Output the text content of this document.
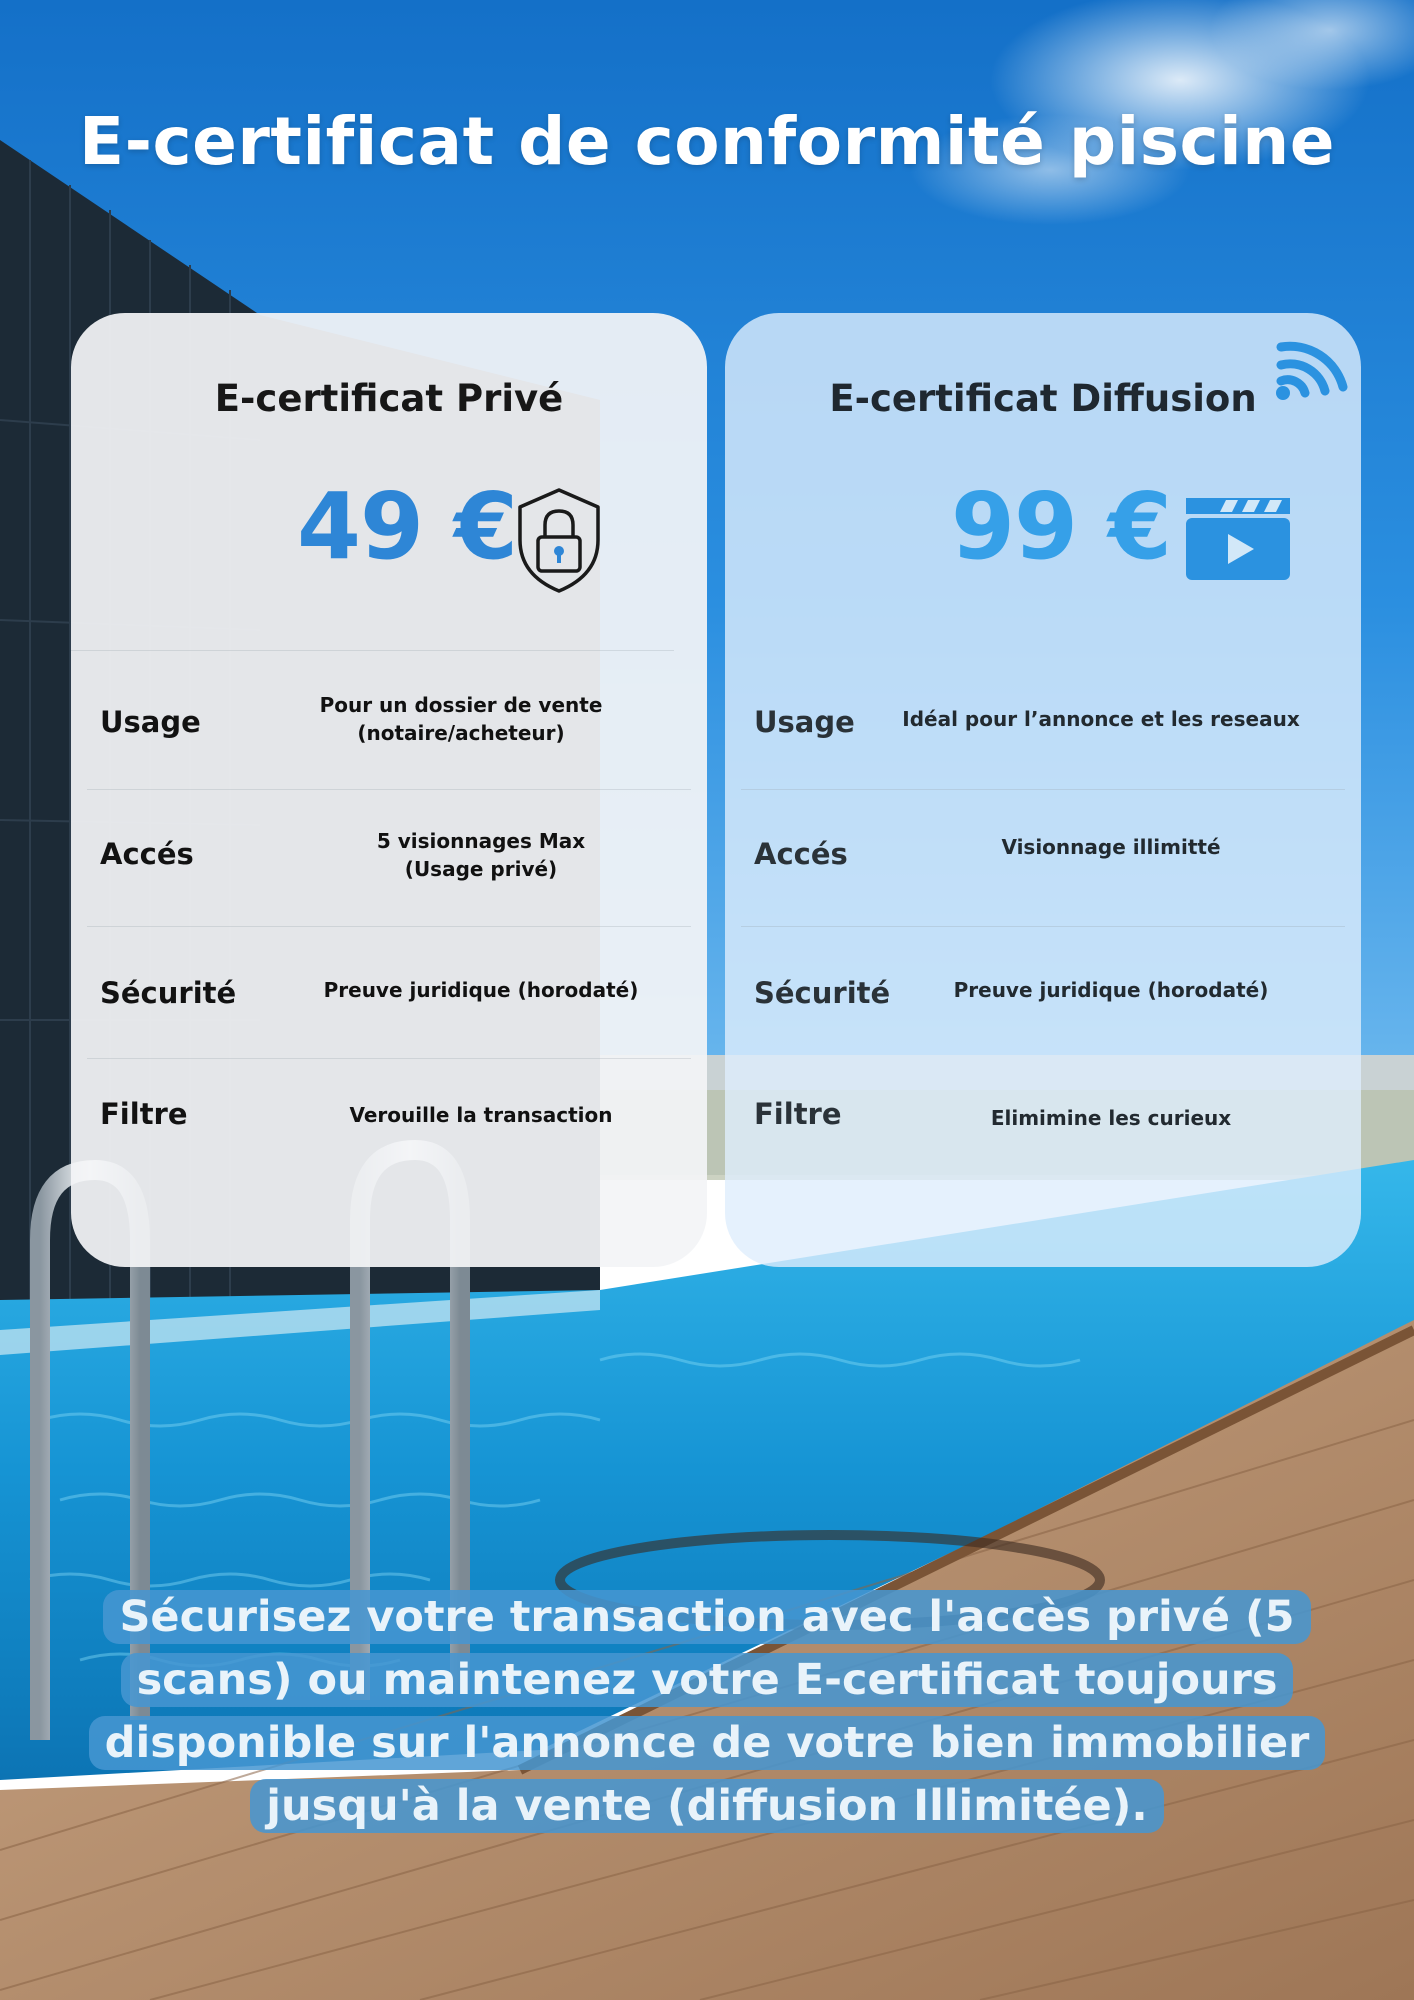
E-certificat de conformité piscine
E-certificat Privé
49 €
Usage	Pour un dossier de vente
(notaire/acheteur)
Accés	5 visionnages Max
(Usage privé)
Sécurité	Preuve juridique (horodaté)
Filtre	Verouille la transaction
E-certificat Diffusion
99 €
Usage Idéal pour l’annonce et les reseaux
Accés	Visionnage illimitté
Sécurité	Preuve juridique (horodaté)
Filtre	Elimimine les curieux

Sécurisez votre transaction avec l'accès privé (5 scans) ou maintenez votre E-certificat toujours disponible sur l'annonce de votre bien immobilier jusqu'à la vente (diffusion Illimitée).
